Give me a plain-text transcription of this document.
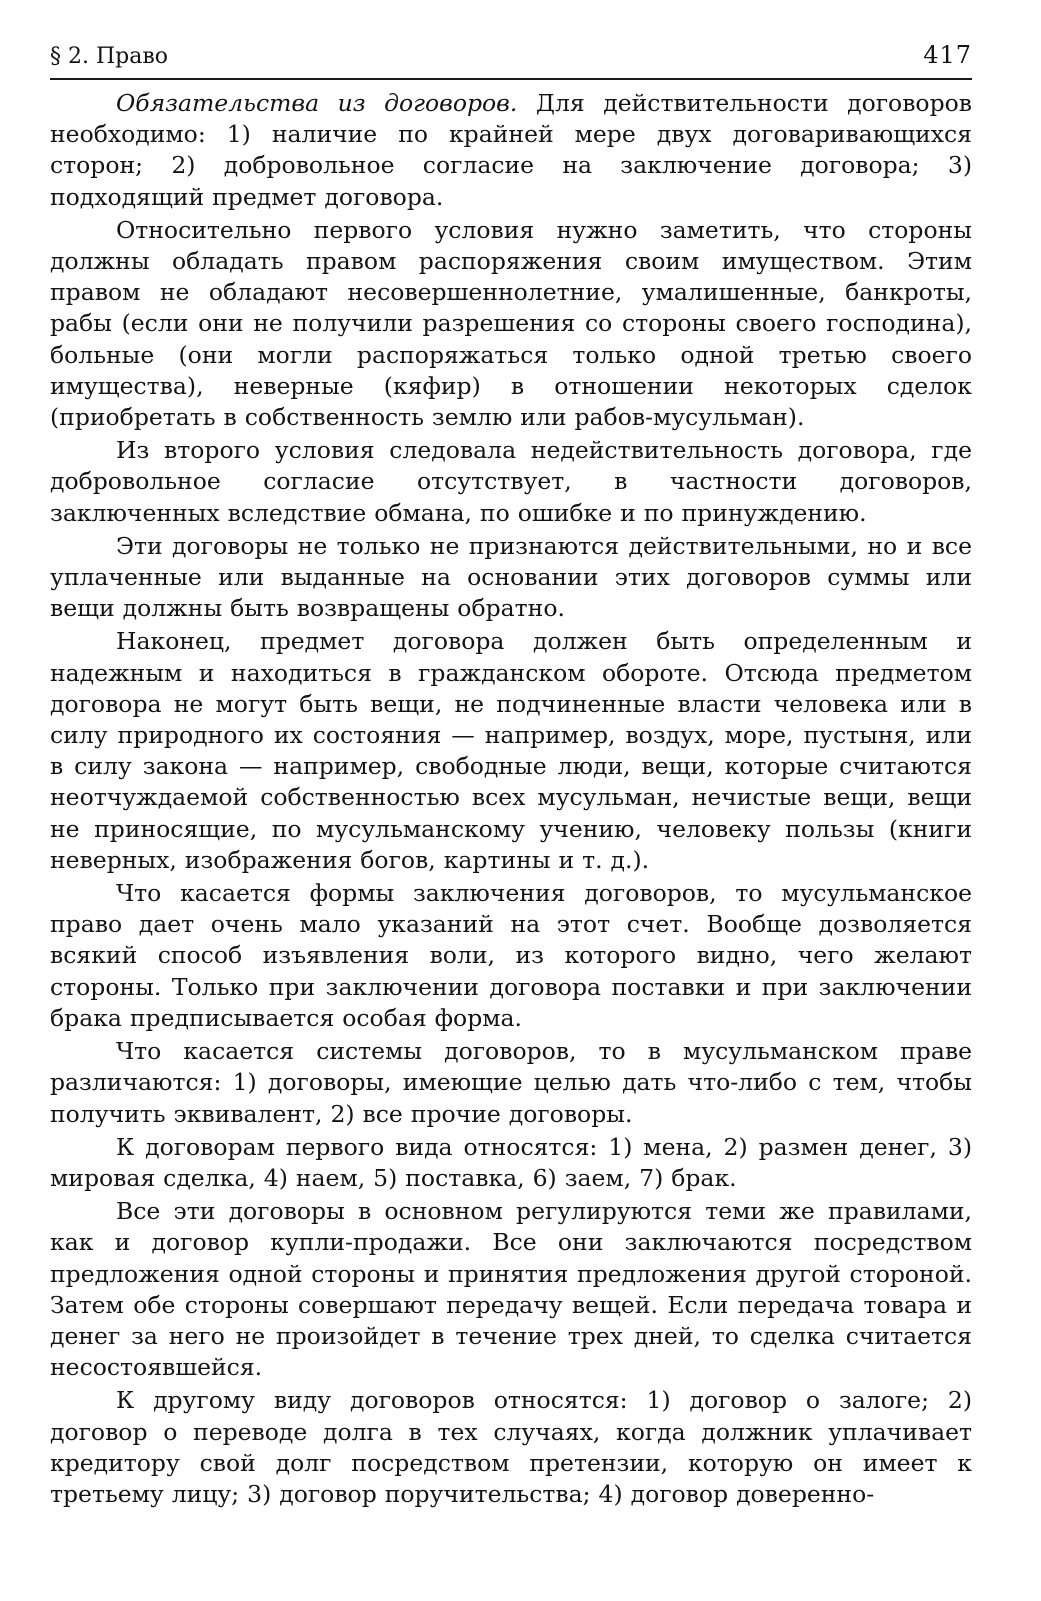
§ 2. Право	417

Обязательства из договоров. Для действительности договоров необходимо: 1) наличие по крайней мере двух договаривающихся сторон; 2) добровольное согласие на заключение договора; 3) подходящий предмет договора.

Относительно первого условия нужно заметить, что стороны должны обладать правом распоряжения своим имуществом. Этим правом не обладают несовершеннолетние, умалишенные, банкроты, рабы (если они не получили разрешения со стороны своего господина), больные (они могли распоряжаться только одной третью своего имущества), неверные (кяфир) в отношении некоторых сделок (приобретать в собственность землю или рабов-мусульман).

Из второго условия следовала недействительность договора, где добровольное согласие отсутствует, в частности договоров, заключенных вследствие обмана, по ошибке и по принуждению.

Эти договоры не только не признаются действительными, но и все уплаченные или выданные на основании этих договоров суммы или вещи должны быть возвращены обратно.

Наконец, предмет договора должен быть определенным и надежным и находиться в гражданском обороте. Отсюда предметом договора не могут быть вещи, не подчиненные власти человека или в силу природного их состояния — например, воздух, море, пустыня, или в силу закона — например, свободные люди, вещи, которые считаются неотчуждаемой собственностью всех мусульман, нечистые вещи, вещи не приносящие, по мусульманскому учению, человеку пользы (книги неверных, изображения богов, картины и т. д.).

Что касается формы заключения договоров, то мусульманское право дает очень мало указаний на этот счет. Вообще дозволяется всякий способ изъявления воли, из которого видно, чего желают стороны. Только при заключении договора поставки и при заключении брака предписывается особая форма.

Что касается системы договоров, то в мусульманском праве различаются: 1) договоры, имеющие целью дать что-либо с тем, чтобы получить эквивалент, 2) все прочие договоры.

К договорам первого вида относятся: 1) мена, 2) размен денег, 3) мировая сделка, 4) наем, 5) поставка, 6) заем, 7) брак.

Все эти договоры в основном регулируются теми же правилами, как и договор купли-продажи. Все они заключаются посредством предложения одной стороны и принятия предложения другой стороной. Затем обе стороны совершают передачу вещей. Если передача товара и денег за него не произойдет в течение трех дней, то сделка считается несостоявшейся.

К другому виду договоров относятся: 1) договор о залоге; 2) договор о переводе долга в тех случаях, когда должник уплачивает кредитору свой долг посредством претензии, которую он имеет к третьему лицу; 3) договор поручительства; 4) договор доверенно-
